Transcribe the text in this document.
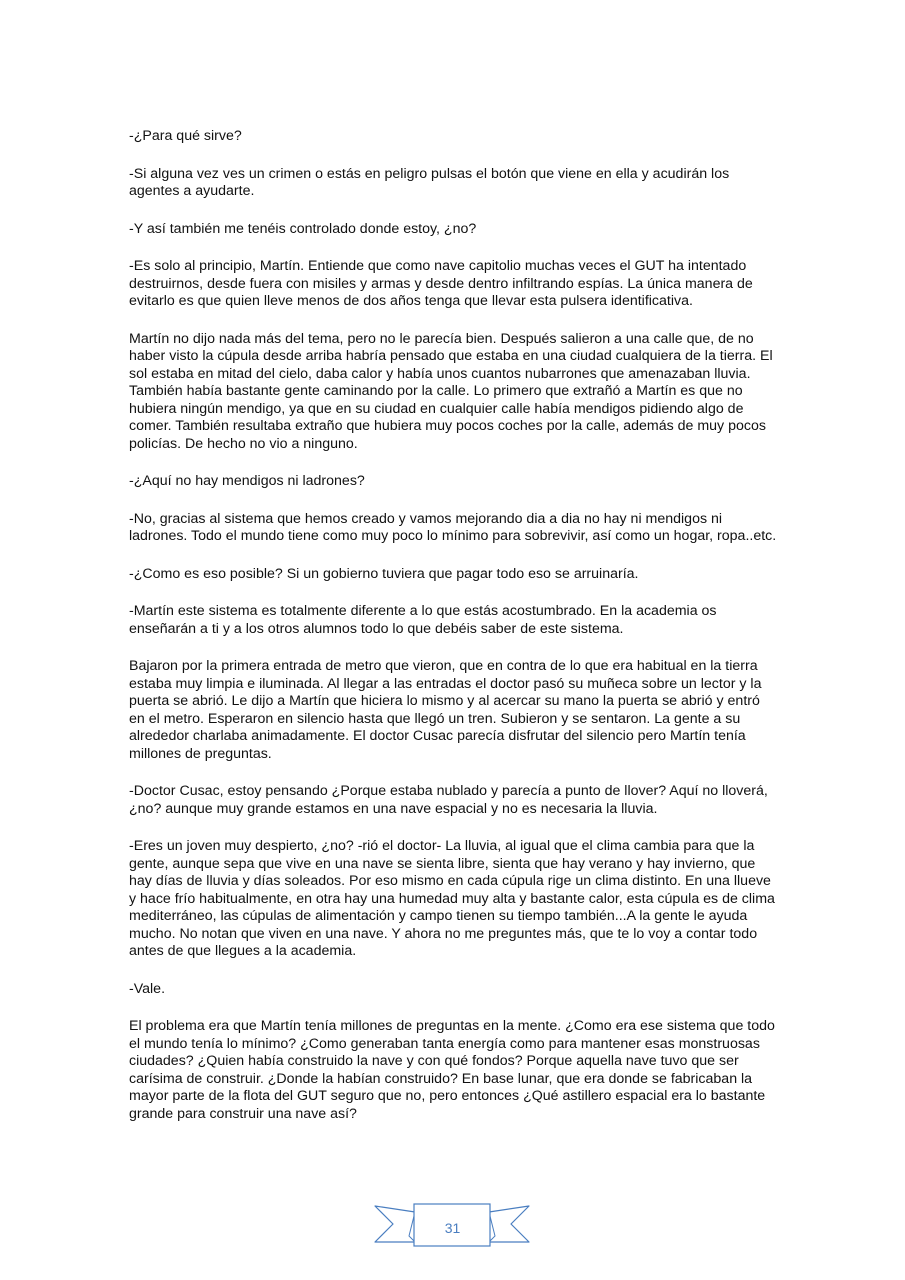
-¿Para qué sirve?

-Si alguna vez ves un crimen o estás en peligro pulsas el botón que viene en ella y acudirán los agentes a ayudarte.

-Y así también me tenéis controlado donde estoy, ¿no?

-Es solo al principio, Martín. Entiende que como nave capitolio muchas veces el GUT ha intentado destruirnos, desde fuera con misiles y armas y desde dentro infiltrando espías. La única manera de evitarlo es que quien lleve menos de dos años tenga que llevar esta pulsera identificativa.

Martín no dijo nada más del tema, pero no le parecía bien. Después salieron a una calle que, de no haber visto la cúpula desde arriba habría pensado que estaba en una ciudad cualquiera de la tierra. El sol estaba en mitad del cielo, daba calor y había unos cuantos nubarrones que amenazaban lluvia. También había bastante gente caminando por la calle. Lo primero que extrañó a Martín es que no hubiera ningún mendigo, ya que en su ciudad en cualquier calle había mendigos pidiendo algo de comer. También resultaba extraño que hubiera muy pocos coches por la calle, además de muy pocos policías. De hecho no vio a ninguno.

-¿Aquí no hay mendigos ni ladrones?

-No, gracias al sistema que hemos creado y vamos mejorando dia a dia no hay ni mendigos ni ladrones. Todo el mundo tiene como muy poco lo mínimo para sobrevivir, así como un hogar, ropa..etc.

-¿Como es eso posible? Si un gobierno tuviera que pagar todo eso se arruinaría.

-Martín este sistema es totalmente diferente a lo que estás acostumbrado. En la academia os enseñarán a ti y a los otros alumnos todo lo que debéis saber de este sistema.

Bajaron por la primera entrada de metro que vieron, que en contra de lo que era habitual en la tierra estaba muy limpia e iluminada. Al llegar a las entradas el doctor pasó su muñeca sobre un lector y la puerta se abrió. Le dijo a Martín que hiciera lo mismo y al acercar su mano la puerta se abrió y entró en el metro. Esperaron en silencio hasta que llegó un tren. Subieron y se sentaron. La gente a su alrededor charlaba animadamente. El doctor Cusac parecía disfrutar del silencio pero Martín tenía millones de preguntas.

-Doctor Cusac, estoy pensando ¿Porque estaba nublado y parecía a punto de llover? Aquí no lloverá, ¿no? aunque muy grande estamos en una nave espacial y no es necesaria la lluvia.

-Eres un joven muy despierto, ¿no? -rió el doctor- La lluvia, al igual que el clima cambia para que la gente, aunque sepa que vive en una nave se sienta libre, sienta que hay verano y hay invierno, que hay días de lluvia y días soleados. Por eso mismo en cada cúpula rige un clima distinto. En una llueve y hace frío habitualmente, en otra hay una humedad muy alta y bastante calor, esta cúpula es de clima mediterráneo, las cúpulas de alimentación y campo tienen su tiempo también...A la gente le ayuda mucho. No notan que viven en una nave. Y ahora no me preguntes más, que te lo voy a contar todo antes de que llegues a la academia.

-Vale.

El problema era que Martín tenía millones de preguntas en la mente. ¿Como era ese sistema que todo el mundo tenía lo mínimo? ¿Como generaban tanta energía como para mantener esas monstruosas ciudades? ¿Quien había construido la nave y con qué fondos? Porque aquella nave tuvo que ser carísima de construir. ¿Donde la habían construido? En base lunar, que era donde se fabricaban la mayor parte de la flota del GUT seguro que no, pero entonces ¿Qué astillero espacial era lo bastante grande para construir una nave así?

31
